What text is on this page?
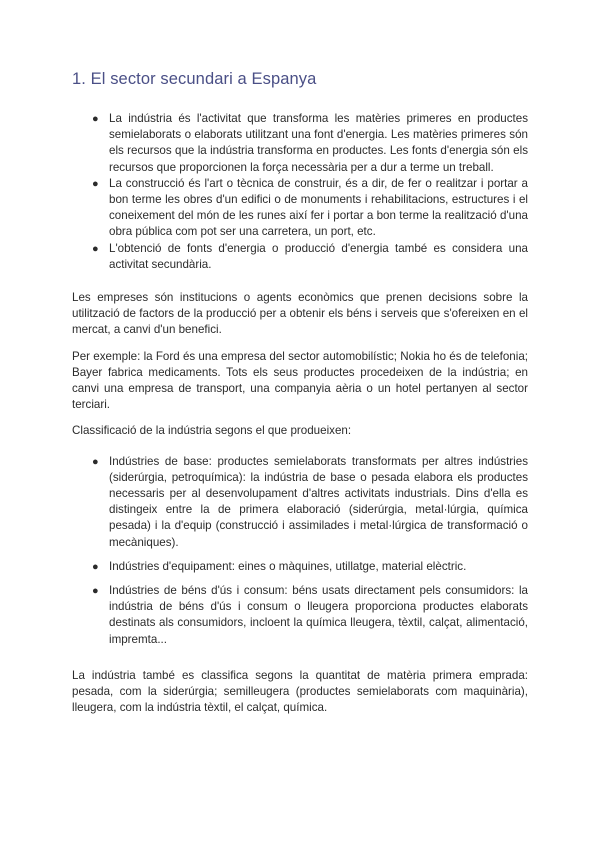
1. El sector secundari a Espanya
● La indústria és l'activitat que transforma les matèries primeres en productes semielaborats o elaborats utilitzant una font d'energia. Les matèries primeres són els recursos que la indústria transforma en productes. Les fonts d'energia són els recursos que proporcionen la força necessària per a dur a terme un treball.
● La construcció és l'art o tècnica de construir, és a dir, de fer o realitzar i portar a bon terme les obres d'un edifici o de monuments i rehabilitacions, estructures i el coneixement del món de les runes així fer i portar a bon terme la realització d'una obra pública com pot ser una carretera, un port, etc.
● L'obtenció de fonts d'energia o producció d'energia també es considera una activitat secundària.

Les empreses són institucions o agents econòmics que prenen decisions sobre la utilització de factors de la producció per a obtenir els béns i serveis que s'ofereixen en el mercat, a canvi d'un benefici.

Per exemple: la Ford és una empresa del sector automobilístic; Nokia ho és de telefonia; Bayer fabrica medicaments. Tots els seus productes procedeixen de la indústria; en canvi una empresa de transport, una companyia aèria o un hotel pertanyen al sector terciari.

Classificació de la indústria segons el que produeixen:

● Indústries de base: productes semielaborats transformats per altres indústries (siderúrgia, petroquímica): la indústria de base o pesada elabora els productes necessaris per al desenvolupament d'altres activitats industrials. Dins d'ella es distingeix entre la de primera elaboració (siderúrgia, metal·lúrgia, química pesada) i la d'equip (construcció i assimilades i metal·lúrgica de transformació o mecàniques).
● Indústries d'equipament: eines o màquines, utillatge, material elèctric.
● Indústries de béns d'ús i consum: béns usats directament pels consumidors: la indústria de béns d'ús i consum o lleugera proporciona productes elaborats destinats als consumidors, incloent la química lleugera, tèxtil, calçat, alimentació, impremta...

La indústria també es classifica segons la quantitat de matèria primera emprada: pesada, com la siderúrgia; semilleugera (productes semielaborats com maquinària), lleugera, com la indústria tèxtil, el calçat, química.
